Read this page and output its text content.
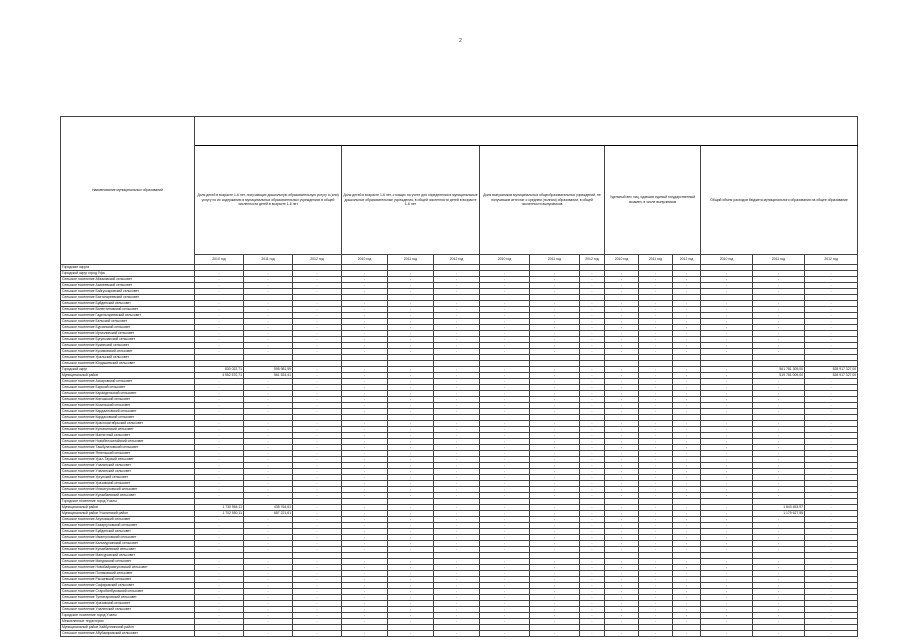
2
Наименование муниципальных образований															
	Доля детей в возрасте 1-6 лет, получающих дошкольную образовательную услугу и (или) услугу по их содержанию в муниципальных образовательных учреждениях в общей численности детей в возрасте 1-6 лет			Доля детей в возрасте 1-6 лет, стоящих на учете для определения в муниципальные дошкольные образовательные учреждения, в общей численности детей в возрасте 1-6 лет			Доля выпускников муниципальных общеобразовательных учреждений, не получивших аттестат о среднем (полном) образовании, в общей численности выпускников			Удельный вес лиц, сдавших единый государственный экзамен, в числе выпускников			Общий объем расходов бюджета муниципального образования на общее образование		
	2010 год	2011 год	2012 год	2010 год	2011 год	2012 год	2010 год	2011 год	2012 год	2010 год	2011 год	2012 год	2010 год	2011 год	2012 год
Городские округа															
Городской округ город Уфа	-	-	-	-	-	-	-	-	-	-	-	-	-	-	-
Сельское поселение Абзаковский сельсовет	-	-	-	-	-	-	-	-	-	-	-	-	-	-	-
Сельское поселение Азикеевский сельсовет	-	-	-	-	-	-	-	-	-	-	-	-	-	-	-
Сельское поселение Байгускаровский сельсовет	-	-	-	-	-	-	-	-	-	-	-	-	-	-	-
Сельское поселение Бахтигареевский сельсовет															
Сельское поселение Буйдинский сельсовет	-	-	-	-	-	-	-	-	-	-	-	-	-	-	-
Сельское поселение Валентиновский сельсовет	-	-	-	-	-	-	-	-	-	-	-	-	-	-	-
Сельское поселение Гадельгареевский сельсовет	-	-	-	-	-	-	-	-	-	-	-	-	-	-	-
Сельское поселение Бельский сельсовет	-	-	-	-	-	-	-	-	-	-	-	-	-	-	-
Сельское поселение Бурзянский сельсовет	-	-	-	-	-	-	-	-	-	-	-	-	-	-	-
Сельское поселение Иргизлинский сельсовет	-	-	-	-	-	-	-	-	-	-	-	-	-	-	-
Сельское поселение Бугульчанский сельсовет	-	-	-	-	-	-	-	-	-	-	-	-	-	-	-
Сельское поселение Кужинский сельсовет	-	-	-	-	-	-	-	-	-	-	-	-	-	-	-
Сельское поселение Кусимовский сельсовет	-	-	-	-	-	-	-	-	-	-	-	-	-	-	-
Сельское поселение Уральский сельсовет															
Сельское поселение Юлдашевский сельсовет															
Городской округ	830 022,71	595 981,99	-	-	-	-	-	-	-	-	-	-	-	561 781 309,00	528 917 327,00
Муниципальный район	4 552 570,71	561 524,41	-	-	-	-	-	-	-	-	-	-	-	519 781 009,00	528 917 327,00
Сельское поселение Аскаровский сельсовет	-	-	-	-	-	-	-	-	-	-	-	-	-	-	-
Сельское поселение Бирский сельсовет	-	-	-	-	-	-	-	-	-	-	-	-	-	-	-
Сельское поселение Караидельский сельсовет	-	-	-	-	-	-	-	-	-	-	-	-	-	-	-
Сельское поселение Кипчакский сельсовет	-	-	-	-	-	-	-	-	-	-	-	-	-	-	-
Сельское поселение Кизильский сельсовет	-	-	-	-	-	-	-	-	-	-	-	-	-	-	-
Сельское поселение Кардаиловский сельсовет	-	-	-	-	-	-	-	-	-	-	-	-	-	-	-
Сельское поселение Кирдасовский сельсовет															
Сельское поселение Краснооктябрьский сельсовет	-	-	-	-	-	-	-	-	-	-	-	-	-	-	-
Сельское поселение Кулганинский сельсовет	-	-	-	-	-	-	-	-	-	-	-	-	-	-	-
Сельское поселение Магнитный сельсовет	-	-	-	-	-	-	-	-	-	-	-	-	-	-	-
Сельское поселение Новобелокатайский сельсовет	-	-	-	-	-	-	-	-	-	-	-	-	-	-	-
Сельское поселение Ташбулатовский сельсовет	-	-	-	-	-	-	-	-	-	-	-	-	-	-	-
Сельское поселение Янгельский сельсовет	-	-	-	-	-	-	-	-	-	-	-	-	-	-	-
Сельское поселение Урал-Тауский сельсовет	-	-	-	-	-	-	-	-	-	-	-	-	-	-	-
Сельское поселение Учалинский сельсовет	-	-	-	-	-	-	-	-	-	-	-	-	-	-	-
Сельское поселение Учалинский сельсовет	-	-	-	-	-	-	-	-	-	-	-	-	-	-	-
Сельское поселение Ургунский сельсовет	-	-	-	-	-	-	-	-	-	-	-	-	-	-	-
Сельское поселение Уразовский сельсовет	-	-	-	-	-	-	-	-	-	-	-	-	-	-	-
Сельское поселение Ильчигуловский сельсовет	-	-	-	-	-	-	-	-	-	-	-	-	-	-	-
Сельское поселение Кунакбаевский сельсовет	-	-	-	-	-	-	-	-	-	-	-	-	-	-	-
Городское поселение город Учалы															
Муниципальный район	1 730 554,11	435 764,61	-	-	-	-	-	-	-	-	-	-	-	1 843 453,97	-
Муниципальный район Учалинский район	1 702 550,11	687 221,61	-	-	-	-	-	-	-	-	-	-	-	1 179 627,55	-
Сельское поселение Ахуновский сельсовет	-	-	-	-	-	-	-	-	-	-	-	-	-	-	-
Сельское поселение Базаргуловский сельсовет	-	-	-	-	-	-	-	-	-	-	-	-	-	-	-
Сельское поселение Буйдинский сельсовет	-	-	-	-	-	-	-	-	-	-	-	-	-	-	-
Сельское поселение Имангуловский сельсовет	-	-	-	-	-	-	-	-	-	-	-	-	-	-	-
Сельское поселение Кальмурзинский сельсовет	-	-	-	-	-	-	-	-	-	-	-	-	-	-	-
Сельское поселение Кунакбаевский сельсовет	-	-	-	-	-	-	-	-	-	-	-	-	-	-	-
Сельское поселение Мансуровский сельсовет															
Сельское поселение Миндякский сельсовет	-	-	-	-	-	-	-	-	-	-	-	-	-	-	-
Сельское поселение Новобайрамгуловский сельсовет	-	-	-	-	-	-	-	-	-	-	-	-	-	-	-
Сельское поселение Поляковский сельсовет	-	-	-	-	-	-	-	-	-	-	-	-	-	-	-
Сельское поселение Рысаевский сельсовет	-	-	-	-	-	-	-	-	-	-	-	-	-	-	-
Сельское поселение Сафаровский сельсовет	-	-	-	-	-	-	-	-	-	-	-	-	-	-	-
Сельское поселение Старобалбуковский сельсовет	-	-	-	-	-	-	-	-	-	-	-	-	-	-	-
Сельское поселение Тунгатаровский сельсовет	-	-	-	-	-	-	-	-	-	-	-	-	-	-	-
Сельское поселение Уразовский сельсовет	-	-	-	-	-	-	-	-	-	-	-	-	-	-	-
Сельское поселение Учалинский сельсовет	-	-	-	-	-	-	-	-	-	-	-	-	-	-	-
Городское поселение город Учалы	-	-	-	-	-	-	-	-	-	-	-	-	-	-	-
Межселенные территории	-	-	-	-	-	-	-	-	-	-	-	-	-	-	-
Муниципальный район Хайбуллинский район															
Сельское поселение Абубакировский сельсовет	-	-	-	-	-	-	-	-	-	-	-	-	-	-	-
